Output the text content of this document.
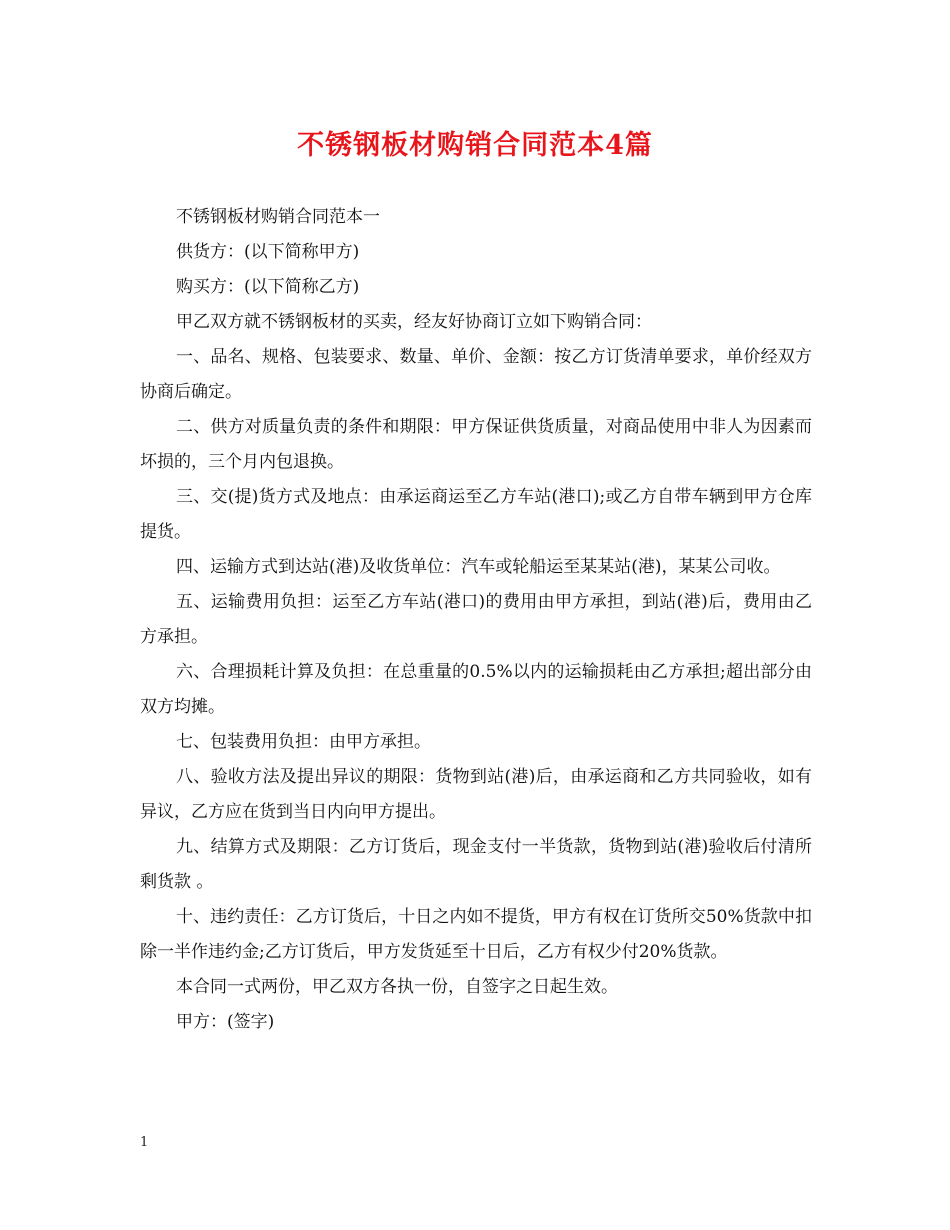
不锈钢板材购销合同范本4篇

不锈钢板材购销合同范本一

供货方：(以下简称甲方)

购买方：(以下简称乙方)

甲乙双方就不锈钢板材的买卖，经友好协商订立如下购销合同：

一、品名、规格、包装要求、数量、单价、金额：按乙方订货清单要求，单价经双方协商后确定。

二、供方对质量负责的条件和期限：甲方保证供货质量，对商品使用中非人为因素而坏损的，三个月内包退换。

三、交(提)货方式及地点：由承运商运至乙方车站(港口);或乙方自带车辆到甲方仓库提货。

四、运输方式到达站(港)及收货单位：汽车或轮船运至某某站(港)，某某公司收。

五、运输费用负担：运至乙方车站(港口)的费用由甲方承担，到站(港)后，费用由乙方承担。

六、合理损耗计算及负担：在总重量的0.5%以内的运输损耗由乙方承担;超出部分由双方均摊。

七、包装费用负担：由甲方承担。

八、验收方法及提出异议的期限：货物到站(港)后，由承运商和乙方共同验收，如有异议，乙方应在货到当日内向甲方提出。

九、结算方式及期限：乙方订货后，现金支付一半货款，货物到站(港)验收后付清所剩货款 。

十、违约责任：乙方订货后，十日之内如不提货，甲方有权在订货所交50%货款中扣除一半作违约金;乙方订货后，甲方发货延至十日后，乙方有权少付20%货款。

本合同一式两份，甲乙双方各执一份，自签字之日起生效。

甲方：(签字)

1
